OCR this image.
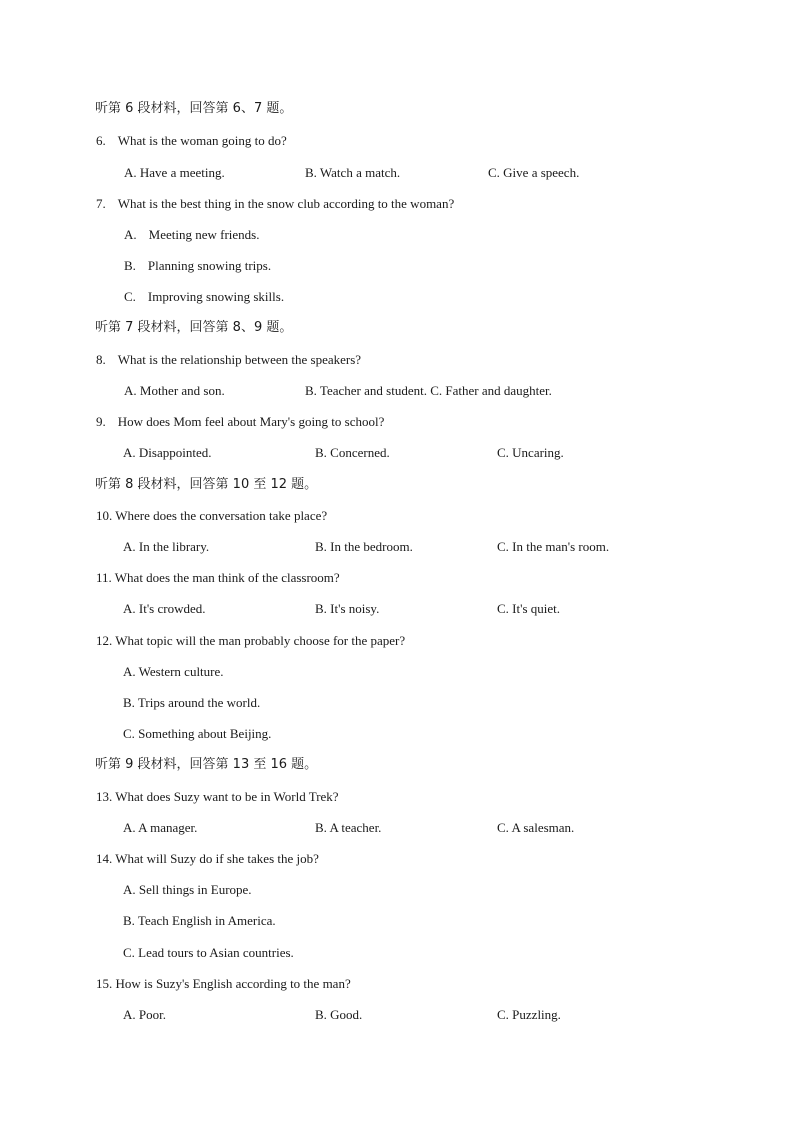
听第 6 段材料，回答第 6、7 题。
6. What is the woman going to do?
A. Have a meeting.	B. Watch a match.	C. Give a speech.
7. What is the best thing in the snow club according to the woman?
A. Meeting new friends.
B. Planning snowing trips.
C. Improving snowing skills.
听第 7 段材料，回答第 8、9 题。
8. What is the relationship between the speakers?
A. Mother and son.	B. Teacher and student. C. Father and daughter.
9. How does Mom feel about Mary's going to school?
A. Disappointed.	B. Concerned.	C. Uncaring.
听第 8 段材料，回答第 10 至 12 题。
10. Where does the conversation take place?
A. In the library.	B. In the bedroom.	C. In the man's room.
11. What does the man think of the classroom?
A. It's crowded.	B. It's noisy.	C. It's quiet.
12. What topic will the man probably choose for the paper?
A. Western culture.
B. Trips around the world.
C. Something about Beijing.
听第 9 段材料，回答第 13 至 16 题。
13. What does Suzy want to be in World Trek?
A. A manager.	B. A teacher.	C. A salesman.
14. What will Suzy do if she takes the job?
A. Sell things in Europe.
B. Teach English in America.
C. Lead tours to Asian countries.
15. How is Suzy's English according to the man?
A. Poor.	B. Good.	C. Puzzling.
